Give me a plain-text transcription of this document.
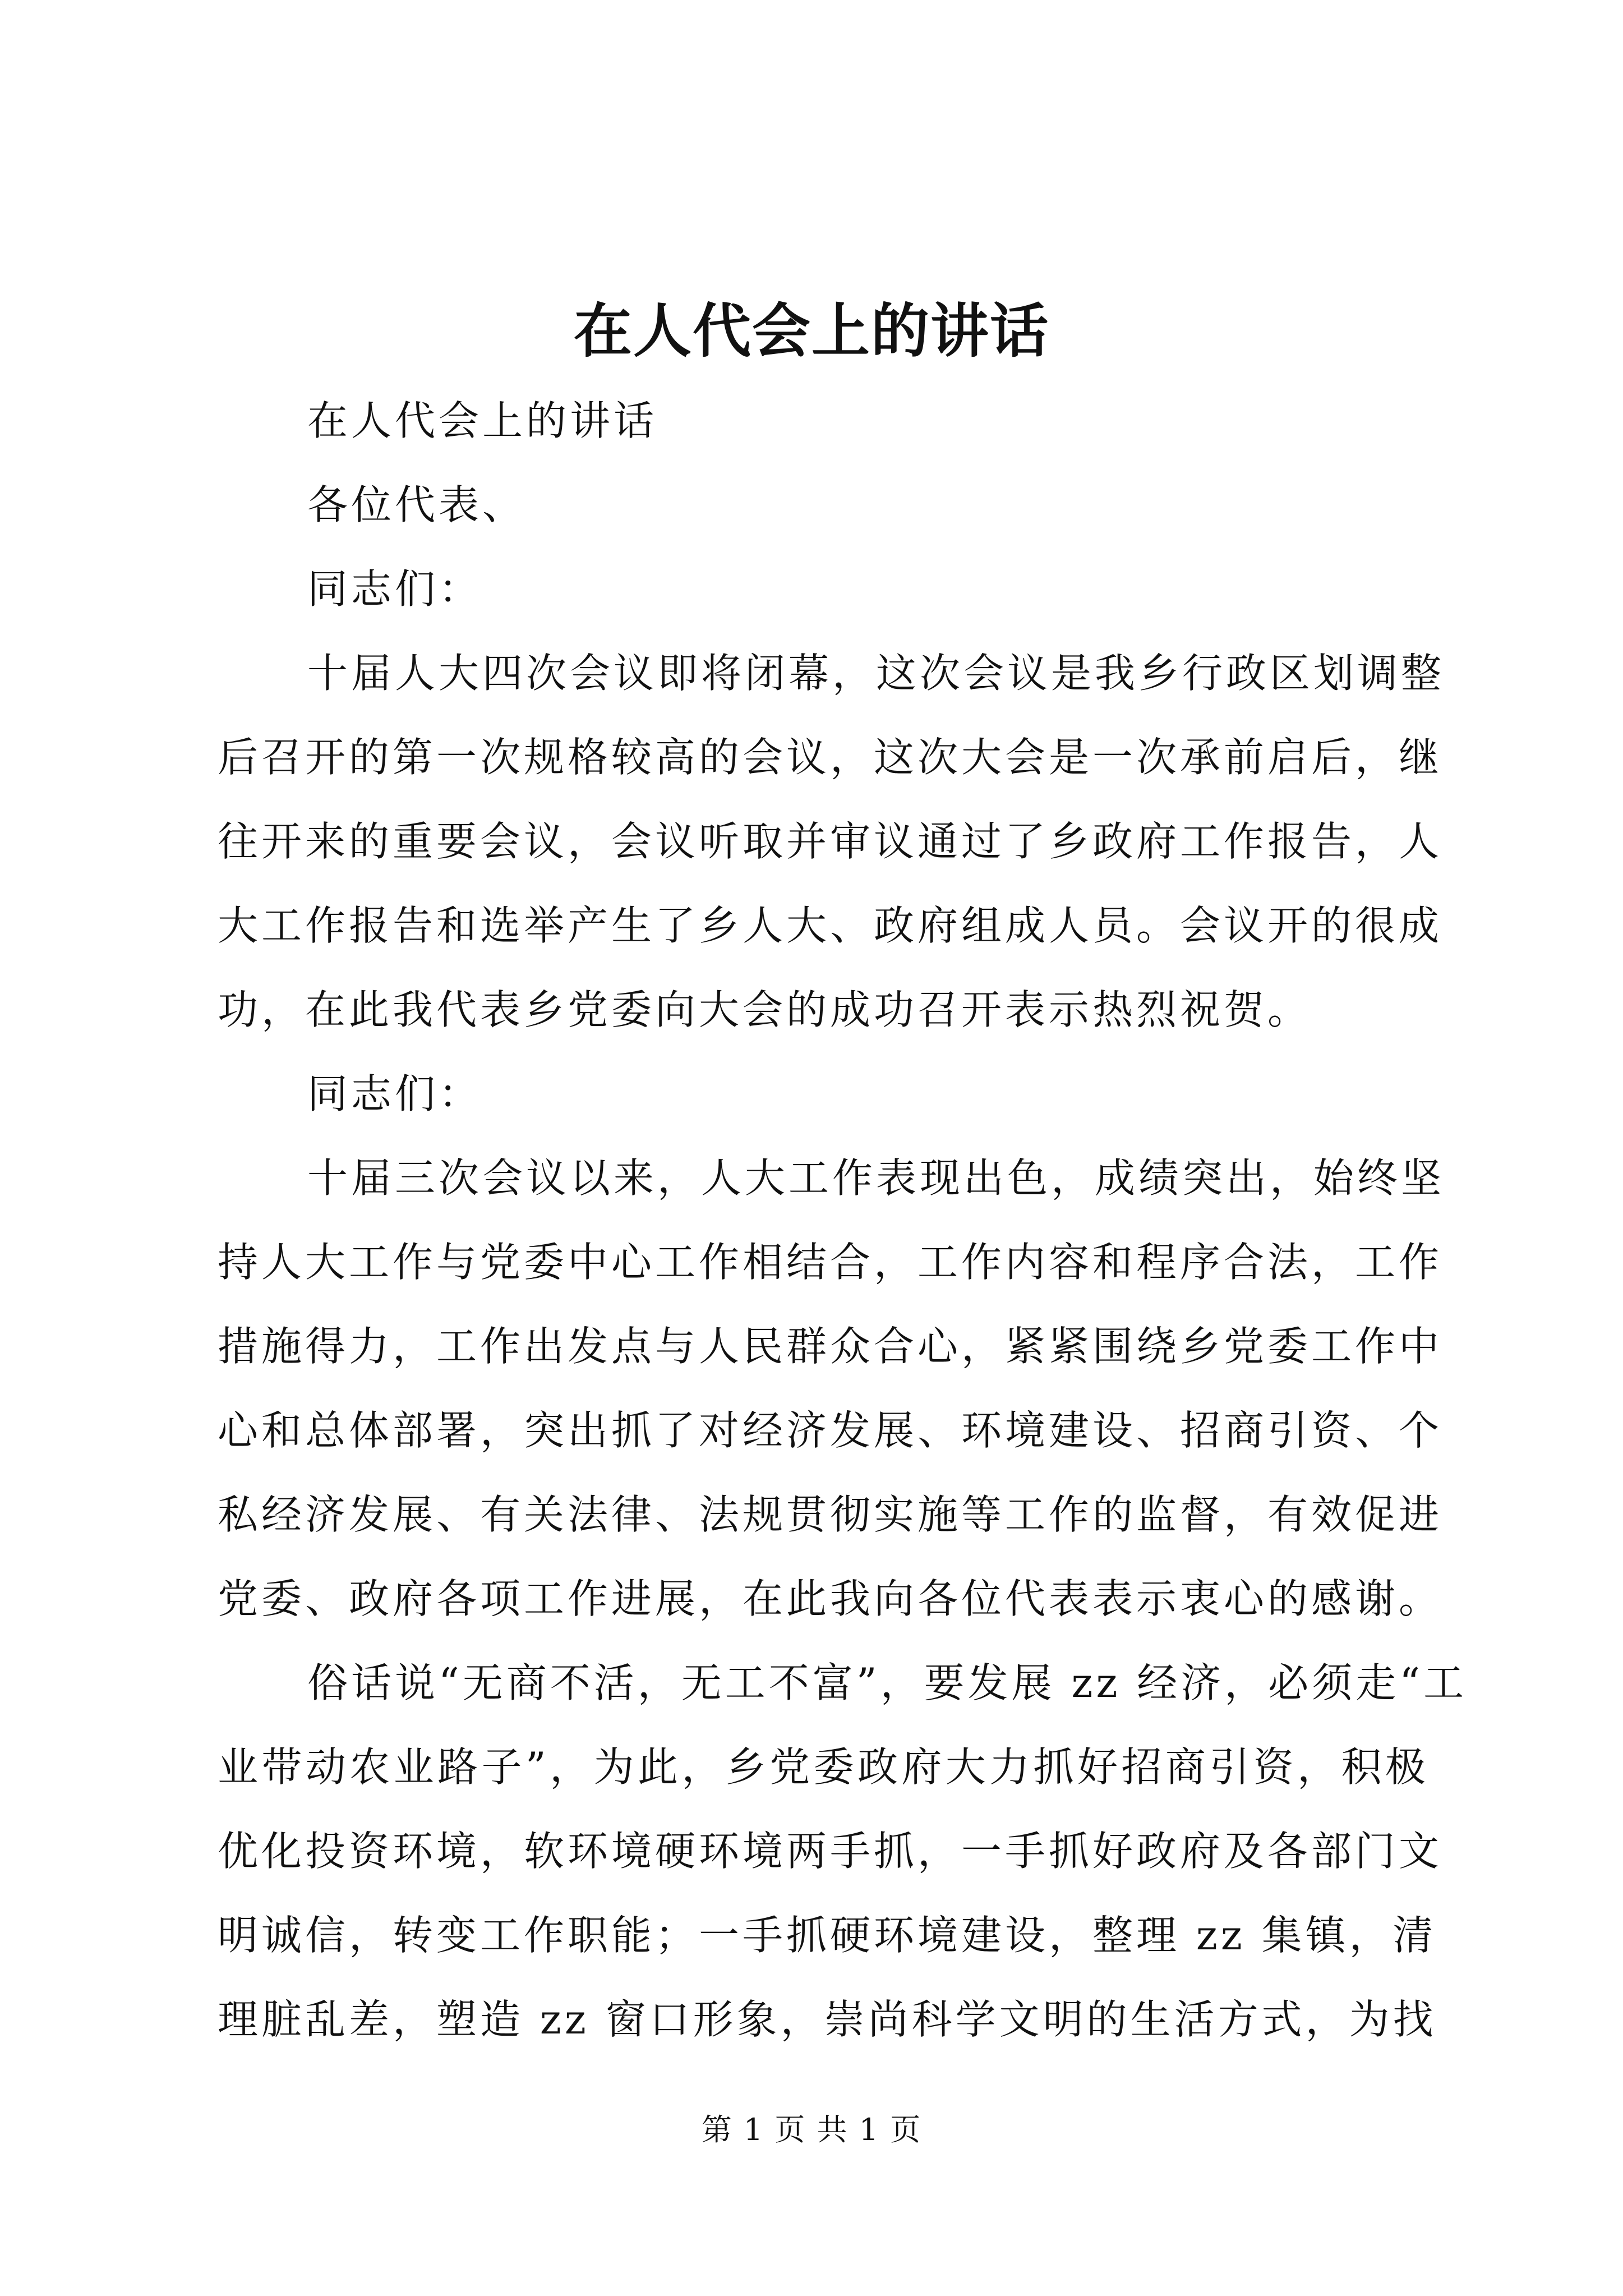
在人代会上的讲话
在人代会上的讲话
各位代表、
同志们：
十届人大四次会议即将闭幕，这次会议是我乡行政区划调整
后召开的第一次规格较高的会议，这次大会是一次承前启后，继
往开来的重要会议，会议听取并审议通过了乡政府工作报告，人
大工作报告和选举产生了乡人大、政府组成人员。会议开的很成
功，在此我代表乡党委向大会的成功召开表示热烈祝贺。
同志们：
十届三次会议以来，人大工作表现出色，成绩突出，始终坚
持人大工作与党委中心工作相结合，工作内容和程序合法，工作
措施得力，工作出发点与人民群众合心，紧紧围绕乡党委工作中
心和总体部署，突出抓了对经济发展、环境建设、招商引资、个
私经济发展、有关法律、法规贯彻实施等工作的监督，有效促进
党委、政府各项工作进展，在此我向各位代表表示衷心的感谢。
俗话说“无商不活，无工不富”，要发展 zz 经济，必须走“工
业带动农业路子”，为此，乡党委政府大力抓好招商引资，积极
优化投资环境，软环境硬环境两手抓，一手抓好政府及各部门文
明诚信，转变工作职能；一手抓硬环境建设，整理 zz 集镇，清
理脏乱差，塑造 zz 窗口形象，崇尚科学文明的生活方式，为找
第 1 页 共 1 页
